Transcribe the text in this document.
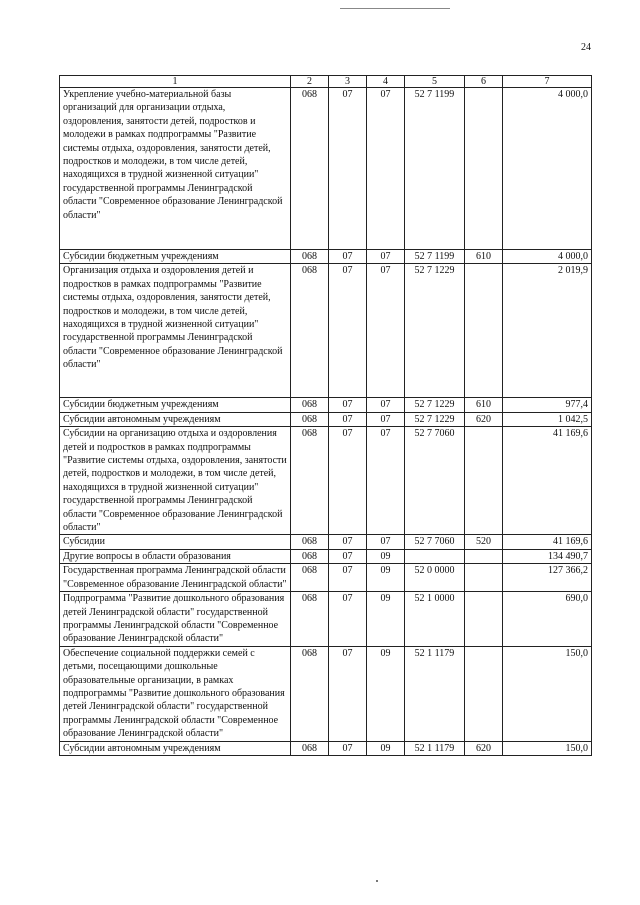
24
1	2	3	4	5	6	7
Укрепление учебно-материальной базы организаций для организации отдыха, оздоровления, занятости детей, подростков и молодежи в рамках подпрограммы "Развитие системы отдыха, оздоровления, занятости детей, подростков и молодежи, в том числе детей, находящихся в трудной жизненной ситуации" государственной программы Ленинградской области "Современное образование Ленинградской области"	068	07	07	52 7 1199		4 000,0
Субсидии бюджетным учреждениям	068	07	07	52 7 1199	610	4 000,0
Организация отдыха и оздоровления детей и подростков в рамках подпрограммы "Развитие системы отдыха, оздоровления, занятости детей, подростков и молодежи, в том числе детей, находящихся в трудной жизненной ситуации" государственной программы Ленинградской области "Современное образование Ленинградской области"	068	07	07	52 7 1229		2 019,9
Субсидии бюджетным учреждениям	068	07	07	52 7 1229	610	977,4
Субсидии автономным учреждениям	068	07	07	52 7 1229	620	1 042,5
Субсидии на организацию отдыха и оздоровления детей и подростков в рамках подпрограммы "Развитие системы отдыха, оздоровления, занятости детей, подростков и молодежи, в том числе детей, находящихся в трудной жизненной ситуации" государственной программы Ленинградской области "Современное образование Ленинградской области"	068	07	07	52 7 7060		41 169,6
Субсидии	068	07	07	52 7 7060	520	41 169,6
Другие вопросы в области образования	068	07	09			134 490,7
Государственная программа Ленинградской области "Современное образование Ленинградской области"	068	07	09	52 0 0000		127 366,2
Подпрограмма "Развитие дошкольного образования детей Ленинградской области" государственной программы Ленинградской области "Современное образование Ленинградской области"	068	07	09	52 1 0000		690,0
Обеспечение социальной поддержки семей с детьми, посещающими дошкольные образовательные организации, в рамках подпрограммы "Развитие дошкольного образования детей Ленинградской области" государственной программы Ленинградской области "Современное образование Ленинградской области"	068	07	09	52 1 1179		150,0
Субсидии автономным учреждениям	068	07	09	52 1 1179	620	150,0
